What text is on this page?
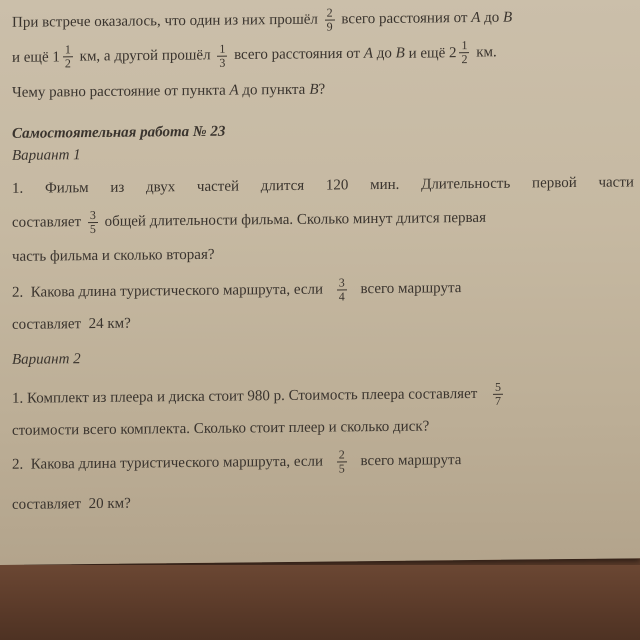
При встрече оказалось, что один из них прошёл $\frac{2}{9}$ всего расстояния от A до B
и ещё $1 \frac{1}{2}$ км, а другой прошёл $\frac{1}{3}$ всего расстояния от A до B и ещё $2 \frac{1}{2}$ км.
Чему равно расстояние от пункта A до пункта B?
Самостоятельная работа № 23
Вариант 1
1. Фильм из двух частей длится 120 мин. Длительность первой части
составляет $\frac{3}{5}$ общей длительности фильма. Сколько минут длится первая
часть фильма и сколько вторая?
2.  Какова длина туристического маршрута, если $\frac{3}{4}$ всего маршрута
составляет  24 км?
Вариант 2
1. Комплект из плеера и диска стоит 980 р. Стоимость плеера составляет $\frac{5}{7}$
стоимости всего комплекта. Сколько стоит плеер и сколько диск?
2.  Какова длина туристического маршрута, если $\frac{2}{5}$ всего маршрута
составляет  20 км?
